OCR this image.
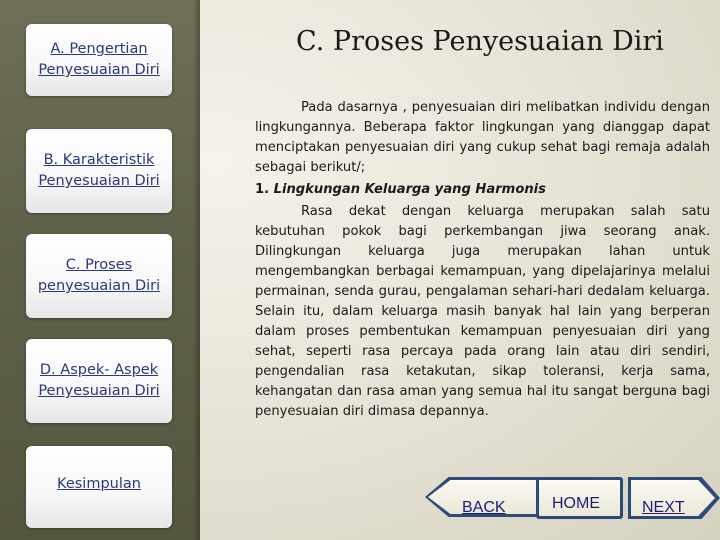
A. Pengertian
Penyesuaian Diri
B. Karakteristik
Penyesuaian Diri
C. Proses
penyesuaian Diri
D. Aspek- Aspek
Penyesuaian Diri
Kesimpulan
C. Proses Penyesuaian Diri

Pada dasarnya , penyesuaian diri melibatkan individu dengan lingkungannya. Beberapa faktor lingkungan yang dianggap dapat menciptakan penyesuaian diri yang cukup sehat bagi remaja adalah sebagai berikut/;

1. Lingkungan Keluarga yang Harmonis

Rasa dekat dengan keluarga merupakan salah satu kebutuhan pokok bagi perkembangan jiwa seorang anak. Dilingkungan keluarga juga merupakan lahan untuk mengembangkan berbagai kemampuan, yang dipelajarinya melalui permainan, senda gurau, pengalaman sehari-hari dedalam keluarga. Selain itu, dalam keluarga masih banyak hal lain yang berperan dalam proses pembentukan kemampuan penyesuaian diri yang sehat, seperti rasa percaya pada orang lain atau diri sendiri, pengendalian rasa ketakutan, sikap toleransi, kerja sama, kehangatan dan rasa aman yang semua hal itu sangat berguna bagi penyesuaian diri dimasa depannya.

BACK	HOME	NEXT
